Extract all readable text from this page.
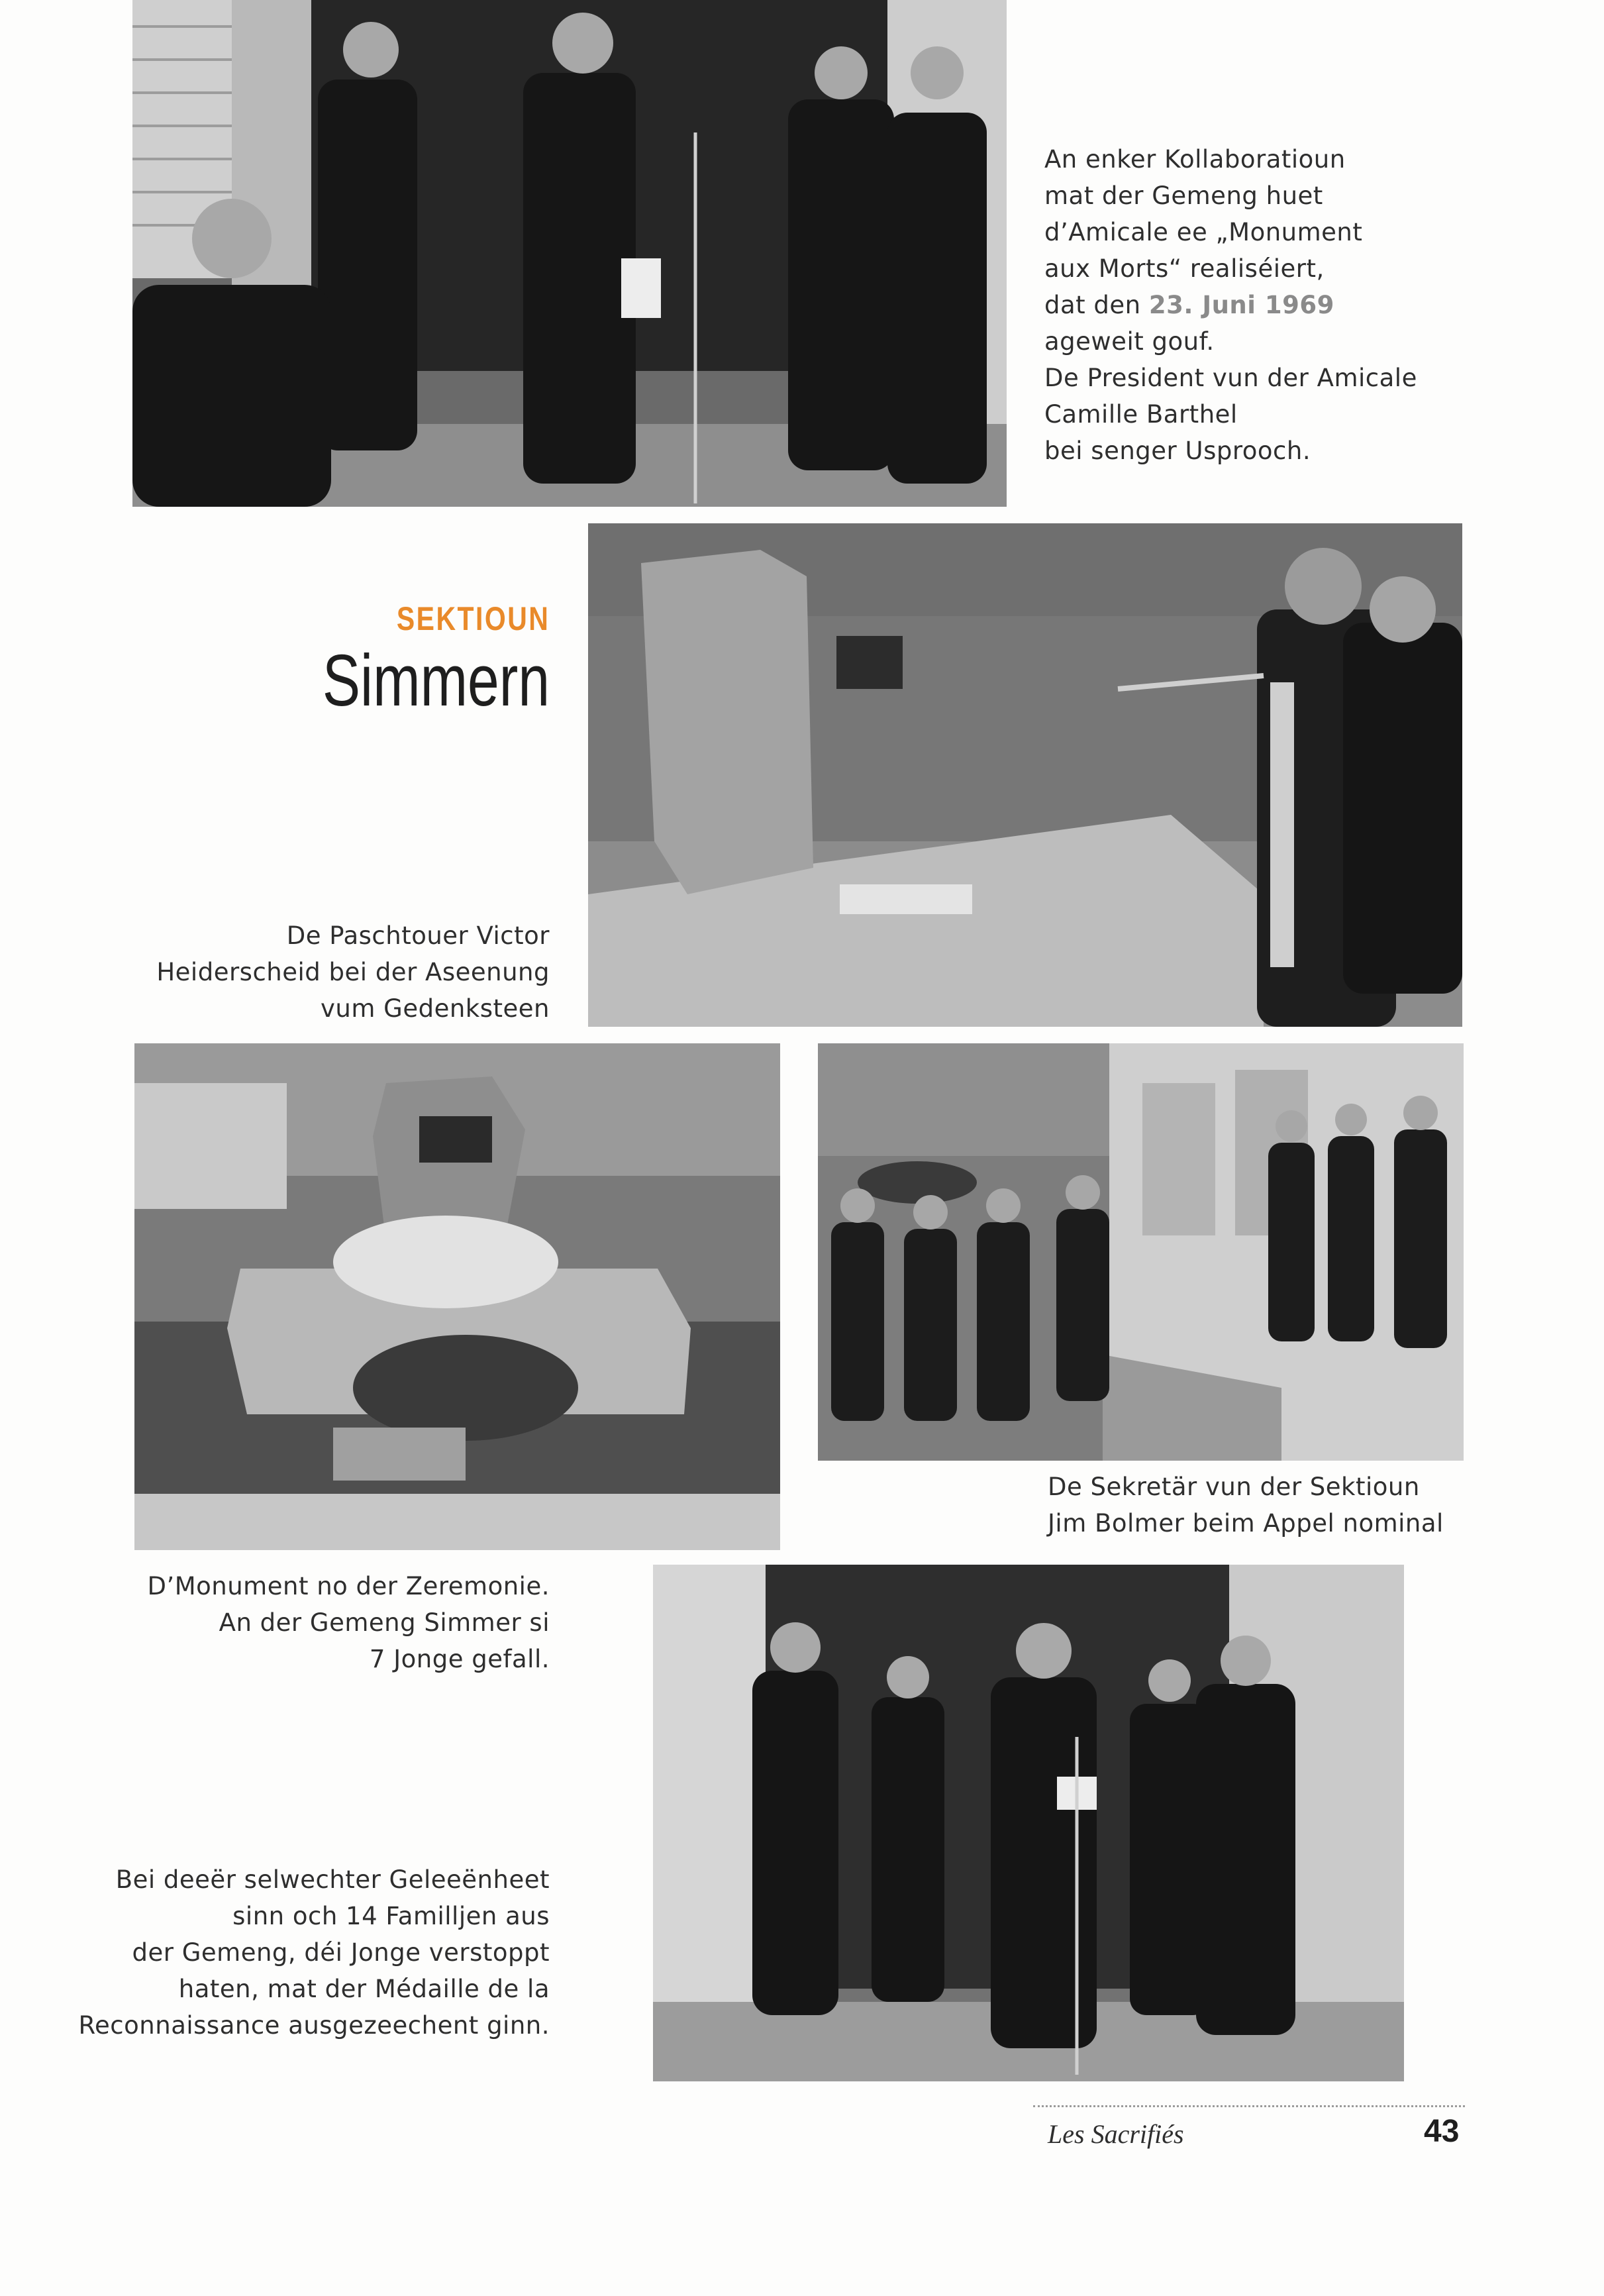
An enker Kollaboratioun
mat der Gemeng huet
d’Amicale ee „Monument
aux Morts“ realiséiert,
dat den 23. Juni 1969
ageweit gouf.
De President vun der Amicale
Camille Barthel
bei senger Usprooch.

SEKTIOUN
Simmern

De Paschtouer Victor
Heiderscheid bei der Aseenung
vum Gedenksteen

De Sekretär vun der Sektioun
Jim Bolmer beim Appel nominal

D’Monument no der Zeremonie.
An der Gemeng Simmer si
7 Jonge gefall.

Bei deeër selwechter Geleeënheet
sinn och 14 Familljen aus
der Gemeng, déi Jonge verstoppt
haten, mat der Médaille de la
Reconnaissance ausgezeechent ginn.

Les Sacrifiés	43
